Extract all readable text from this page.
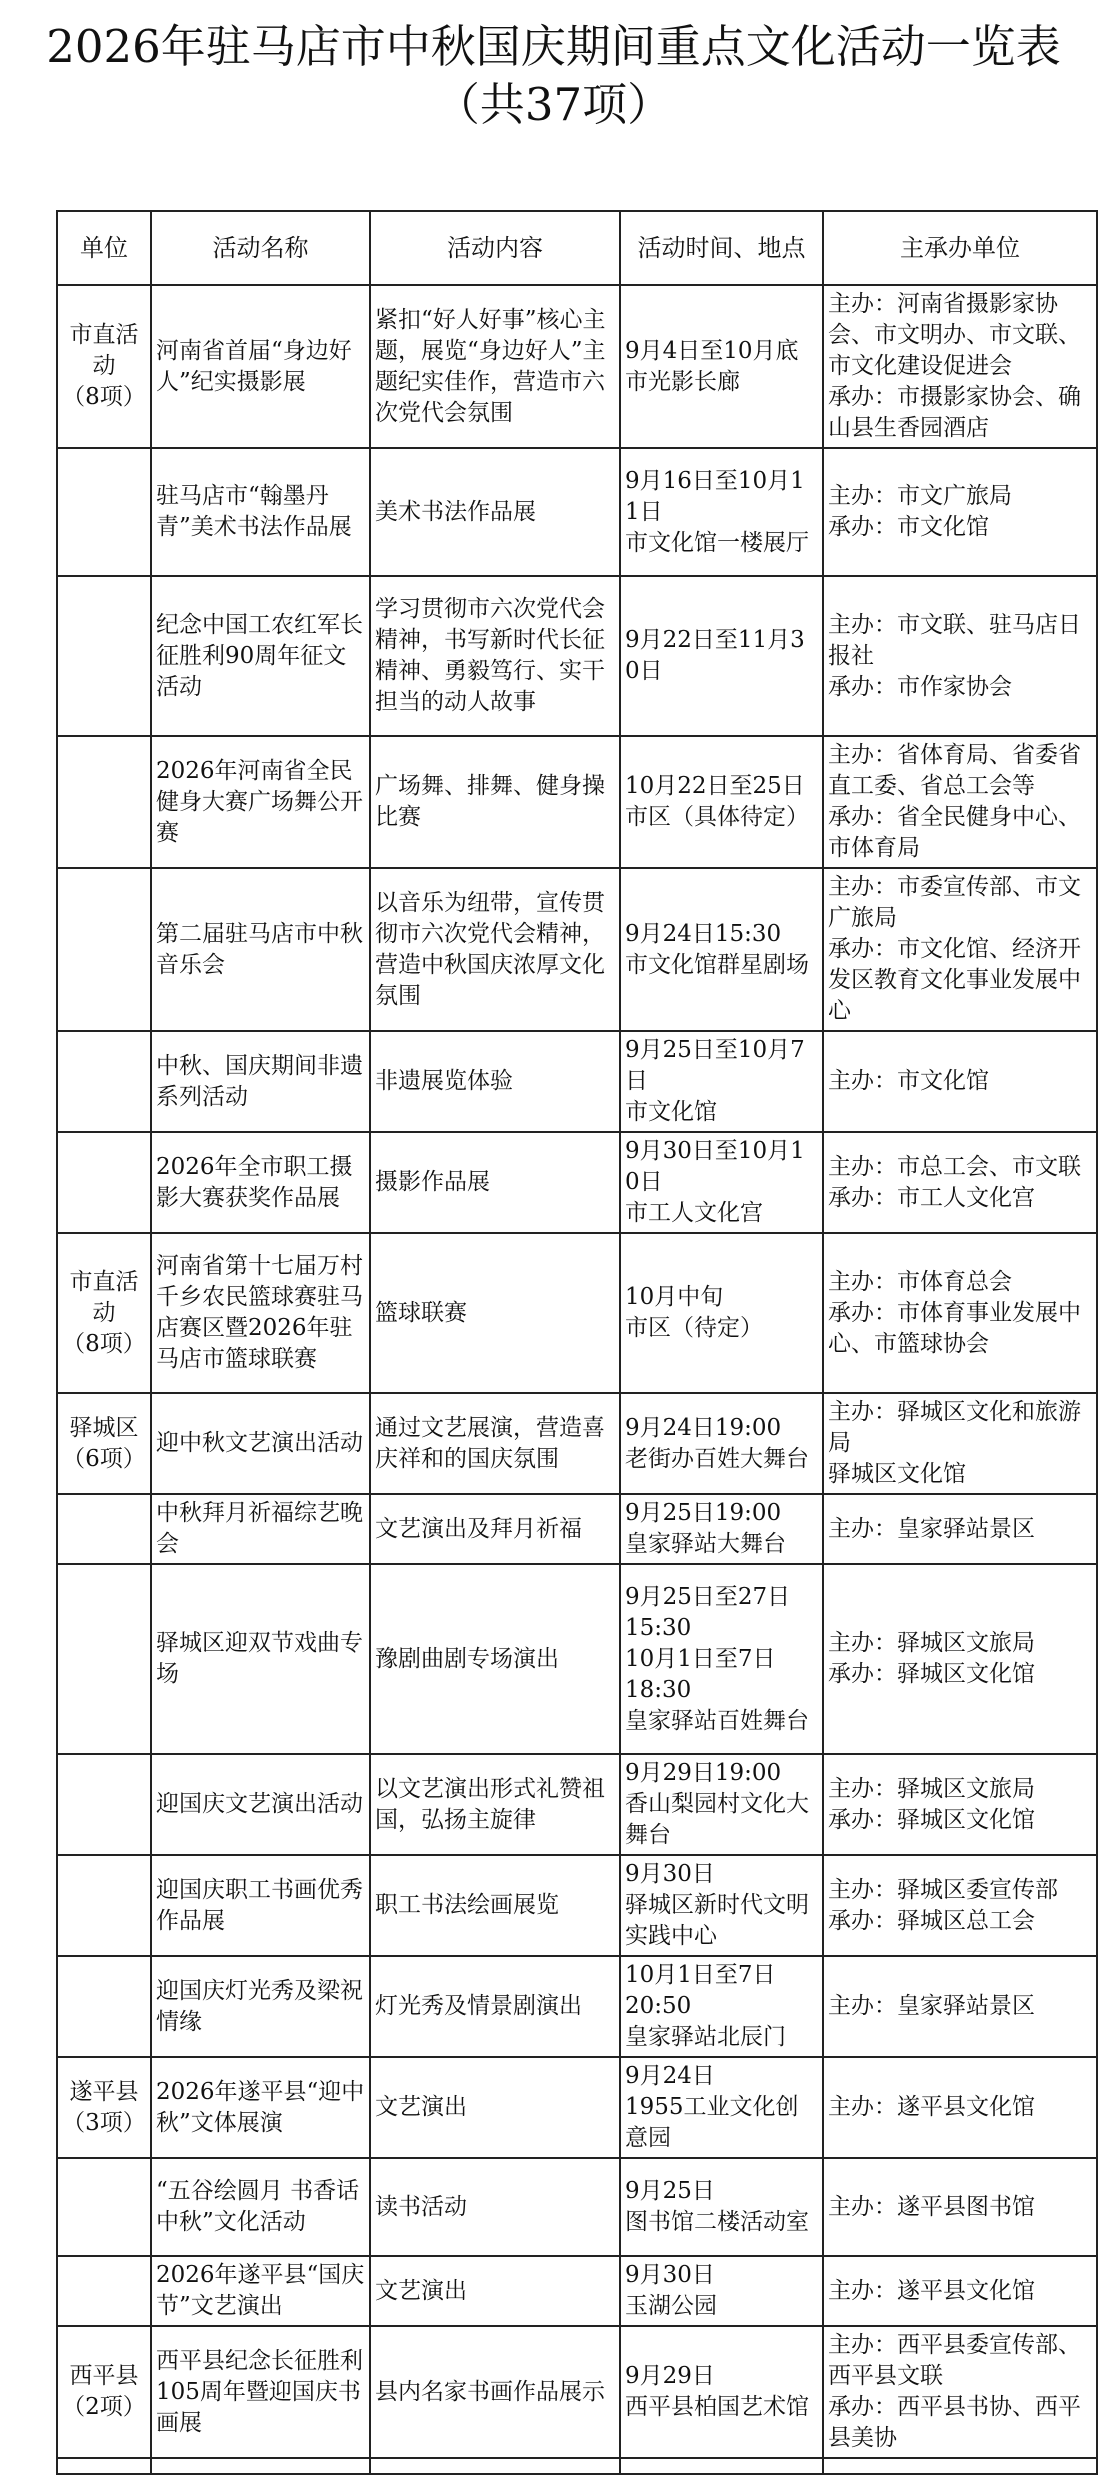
2026年驻马店市中秋国庆期间重点文化活动一览表
（共37项）
单位	活动名称	活动内容	活动时间、地点	主承办单位

市直活
动
（8项）	河南省首届“身边好人”纪实摄影展	紧扣“好人好事”核心主题，展览“身边好人”主题纪实佳作，营造市六次党代会氛围	9月4日至10月底
市光影长廊	主办：河南省摄影家协会、市文明办、市文联、市文化建设促进会
承办：市摄影家协会、确山县生香园酒店

	驻马店市“翰墨丹青”美术书法作品展	美术书法作品展	9月16日至10月11日
市文化馆一楼展厅	主办：市文广旅局
承办：市文化馆

	纪念中国工农红军长征胜利90周年征文活动	学习贯彻市六次党代会精神，书写新时代长征精神、勇毅笃行、实干担当的动人故事	9月22日至11月30日	主办：市文联、驻马店日报社
承办：市作家协会

	2026年河南省全民健身大赛广场舞公开赛	广场舞、排舞、健身操比赛	10月22日至25日
市区（具体待定）	主办：省体育局、省委省直工委、省总工会等
承办：省全民健身中心、市体育局

	第二届驻马店市中秋音乐会	以音乐为纽带，宣传贯彻市六次党代会精神，营造中秋国庆浓厚文化氛围	9月24日15:30
市文化馆群星剧场	主办：市委宣传部、市文广旅局
承办：市文化馆、经济开发区教育文化事业发展中心

	中秋、国庆期间非遗系列活动	非遗展览体验	9月25日至10月7日
市文化馆	主办：市文化馆

	2026年全市职工摄影大赛获奖作品展	摄影作品展	9月30日至10月10日
市工人文化宫	主办：市总工会、市文联
承办：市工人文化宫

市直活
动
（8项）	河南省第十七届万村千乡农民篮球赛驻马店赛区暨2026年驻马店市篮球联赛	篮球联赛	10月中旬
市区（待定）	主办：市体育总会
承办：市体育事业发展中心、市篮球协会

驿城区
（6项）	迎中秋文艺演出活动	通过文艺展演，营造喜庆祥和的国庆氛围	9月24日19:00
老街办百姓大舞台	主办：驿城区文化和旅游局
驿城区文化馆

	中秋拜月祈福综艺晚会	文艺演出及拜月祈福	9月25日19:00
皇家驿站大舞台	主办：皇家驿站景区

	驿城区迎双节戏曲专场	豫剧曲剧专场演出	9月25日至27日
15:30
10月1日至7日
18:30
皇家驿站百姓舞台	主办：驿城区文旅局
承办：驿城区文化馆

	迎国庆文艺演出活动	以文艺演出形式礼赞祖国，弘扬主旋律	9月29日19:00
香山梨园村文化大舞台	主办：驿城区文旅局
承办：驿城区文化馆

	迎国庆职工书画优秀作品展	职工书法绘画展览	9月30日
驿城区新时代文明实践中心	主办：驿城区委宣传部
承办：驿城区总工会

	迎国庆灯光秀及梁祝情缘	灯光秀及情景剧演出	10月1日至7日
20:50
皇家驿站北辰门	主办：皇家驿站景区

遂平县
（3项）	2026年遂平县“迎中秋”文体展演	文艺演出	9月24日
1955工业文化创意园	主办：遂平县文化馆

	“五谷绘圆月 书香话中秋”文化活动	读书活动	9月25日
图书馆二楼活动室	主办：遂平县图书馆

	2026年遂平县“国庆节”文艺演出	文艺演出	9月30日
玉湖公园	主办：遂平县文化馆

西平县
（2项）	西平县纪念长征胜利105周年暨迎国庆书画展	县内名家书画作品展示	9月29日
西平县柏国艺术馆	主办：西平县委宣传部、西平县文联
承办：西平县书协、西平县美协
